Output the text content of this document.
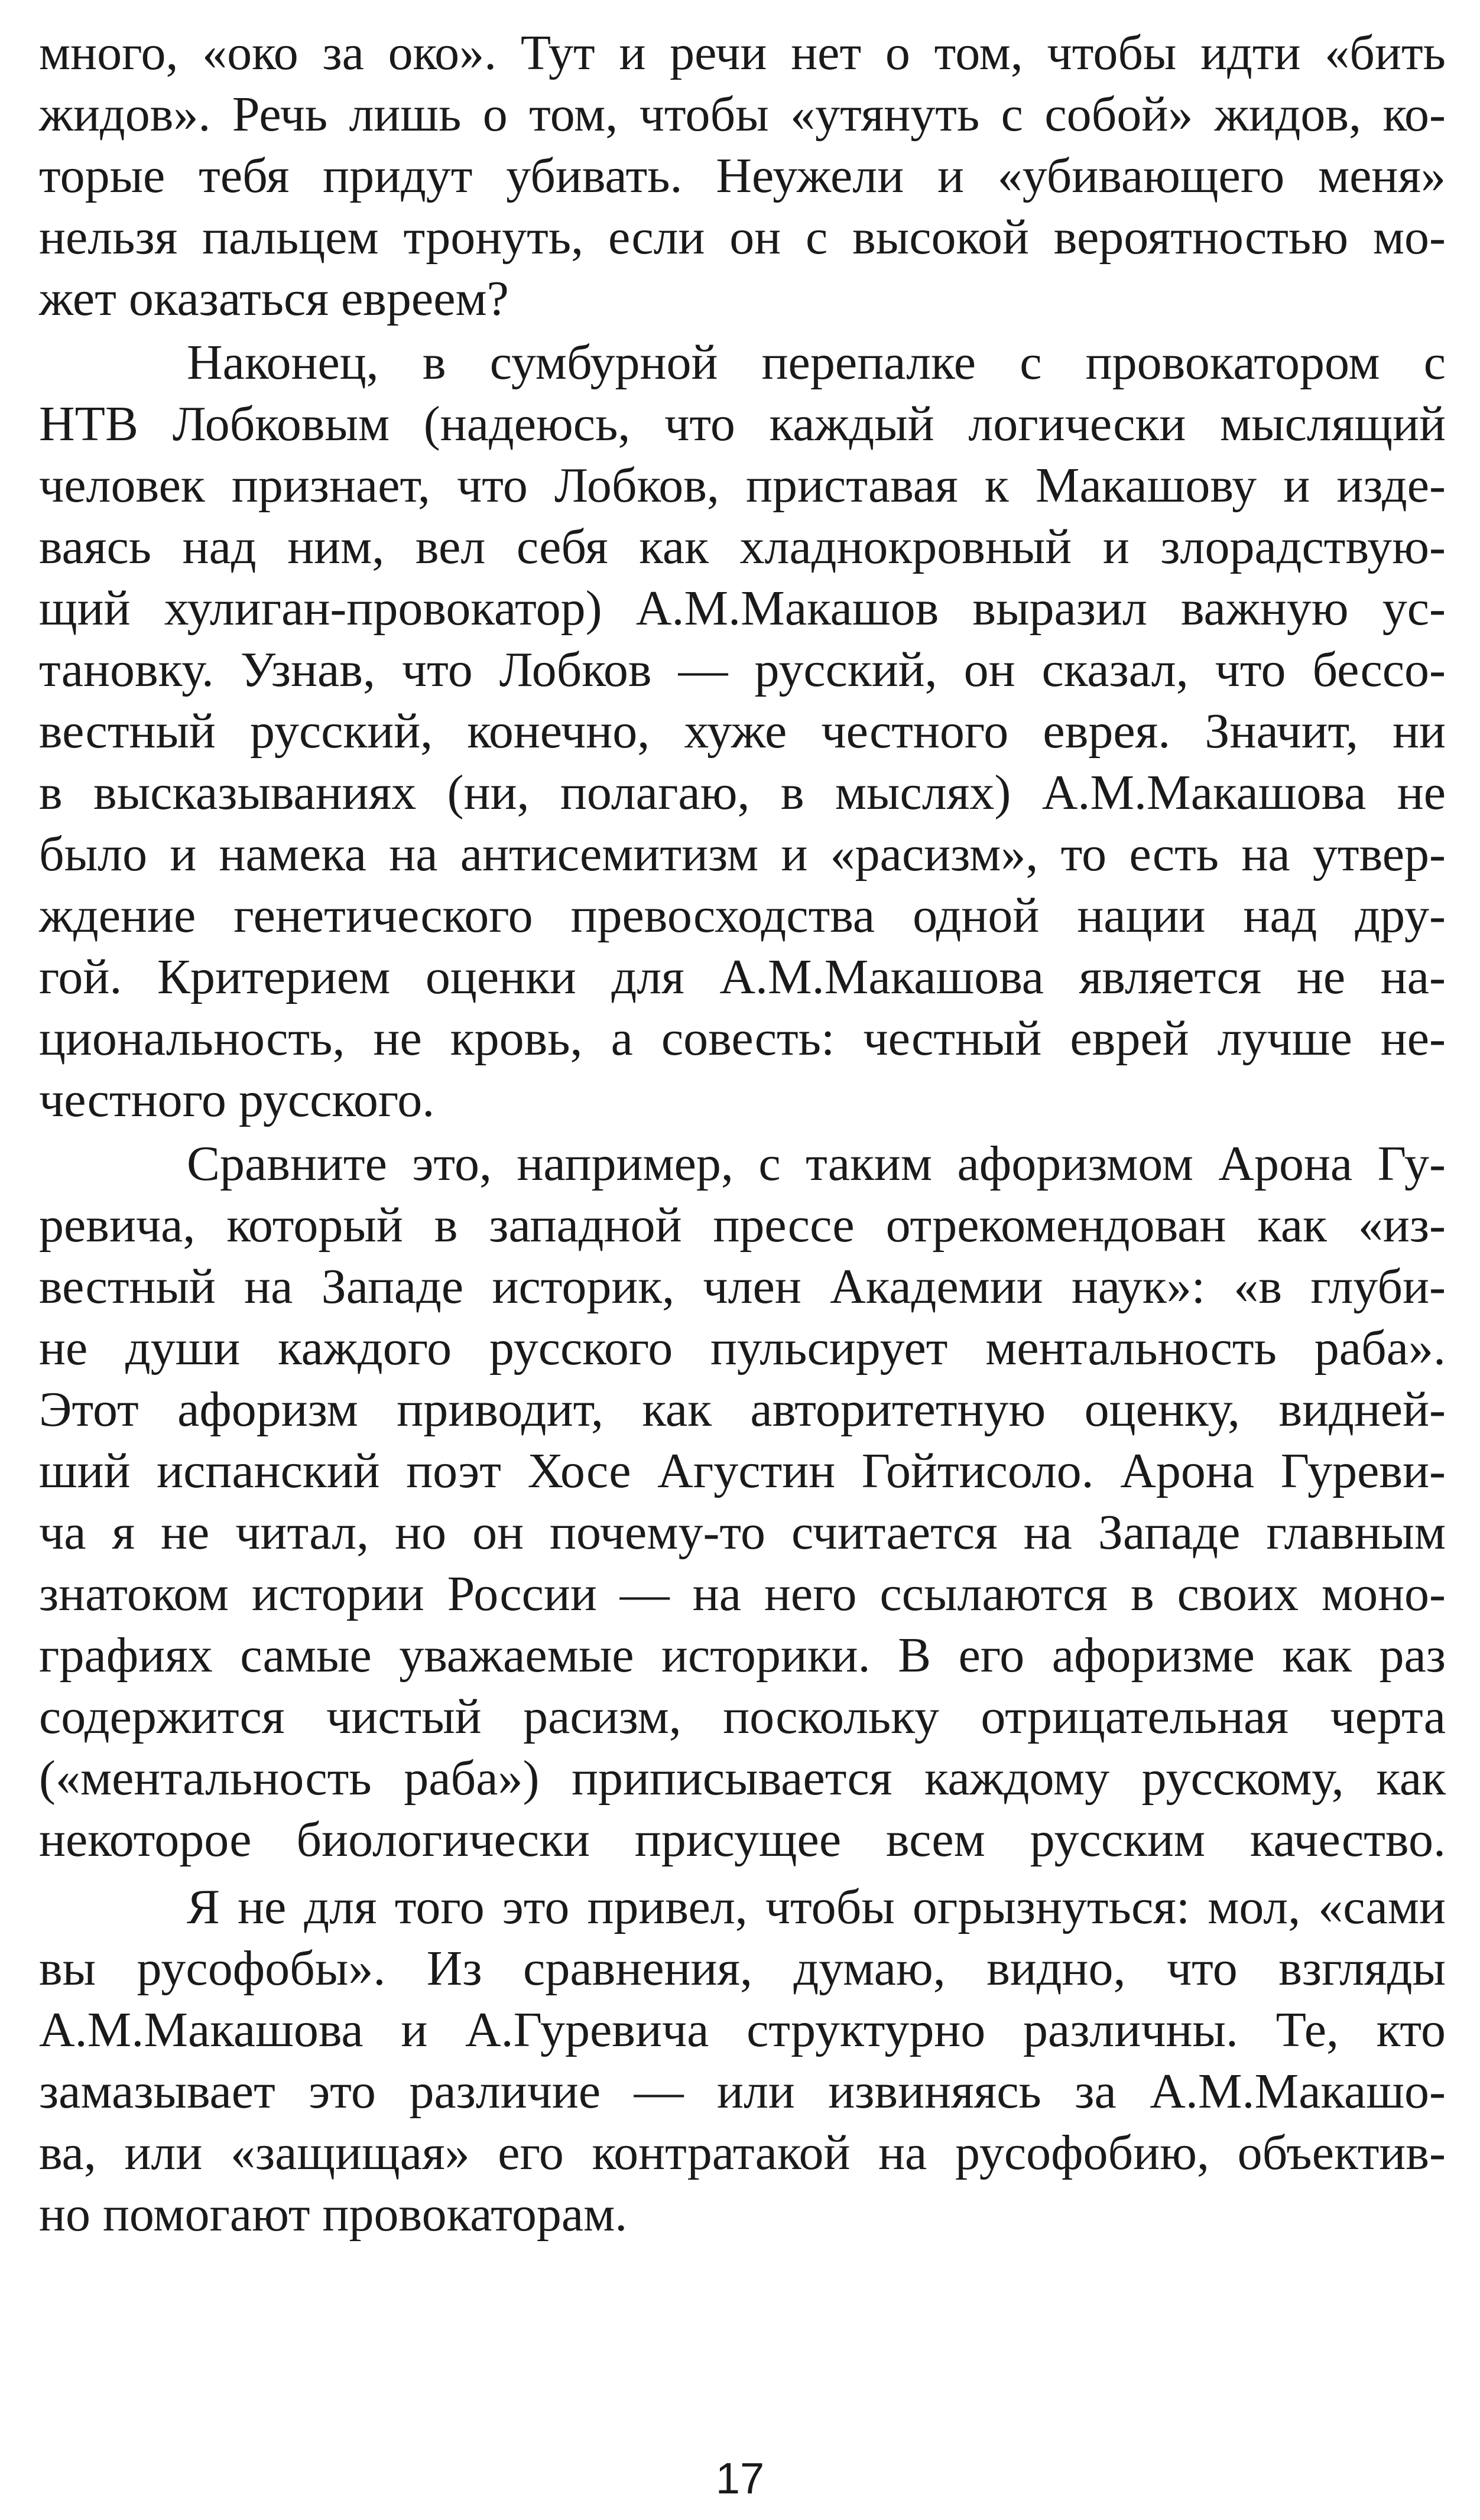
много, «око за око». Тут и речи нет о том, чтобы идти «бить
жидов». Речь лишь о том, чтобы «утянуть с собой» жидов, ко-
торые тебя придут убивать. Неужели и «убивающего меня»
нельзя пальцем тронуть, если он с высокой вероятностью мо-
жет оказаться евреем?
Наконец, в сумбурной перепалке с провокатором с
НТВ Лобковым (надеюсь, что каждый логически мыслящий
человек признает, что Лобков, приставая к Макашову и изде-
ваясь над ним, вел себя как хладнокровный и злорадствую-
щий хулиган-провокатор) А.М.Макашов выразил важную ус-
тановку. Узнав, что Лобков — русский, он сказал, что бессо-
вестный русский, конечно, хуже честного еврея. Значит, ни
в высказываниях (ни, полагаю, в мыслях) А.М.Макашова не
было и намека на антисемитизм и «расизм», то есть на утвер-
ждение генетического превосходства одной нации над дру-
гой. Критерием оценки для А.М.Макашова является не на-
циональность, не кровь, а совесть: честный еврей лучше не-
честного русского.
Сравните это, например, с таким афоризмом Арона Гу-
ревича, который в западной прессе отрекомендован как «из-
вестный на Западе историк, член Академии наук»: «в глуби-
не души каждого русского пульсирует ментальность раба».
Этот афоризм приводит, как авторитетную оценку, видней-
ший испанский поэт Хосе Агустин Гойтисоло. Арона Гуреви-
ча я не читал, но он почему-то считается на Западе главным
знатоком истории России — на него ссылаются в своих моно-
графиях самые уважаемые историки. В его афоризме как раз
содержится чистый расизм, поскольку отрицательная черта
(«ментальность раба») приписывается каждому русскому, как
некоторое биологически присущее всем русским качество.
Я не для того это привел, чтобы огрызнуться: мол, «сами
вы русофобы». Из сравнения, думаю, видно, что взгляды
А.М.Макашова и А.Гуревича структурно различны. Те, кто
замазывает это различие — или извиняясь за А.М.Макашо-
ва, или «защищая» его контратакой на русофобию, объектив-
но помогают провокаторам.
17
